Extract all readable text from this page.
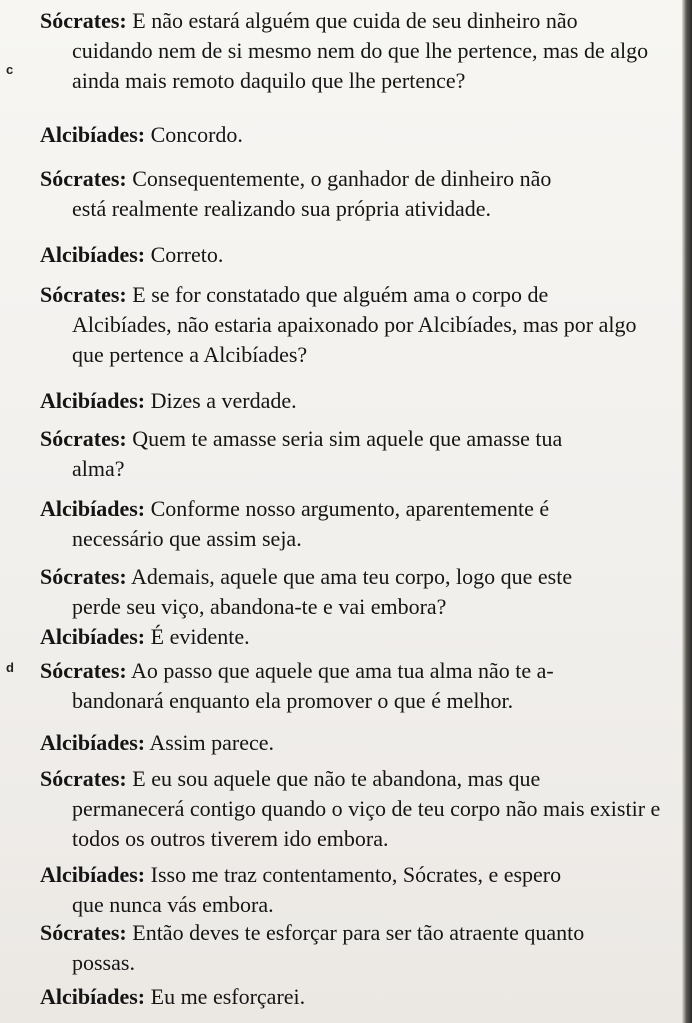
c
d
Sócrates: E não estará alguém que cuida de seu dinheiro não
cuidando nem de si mesmo nem do que lhe pertence, mas de algo ainda mais remoto daquilo que lhe pertence?
Alcibíades: Concordo.
Sócrates: Consequentemente, o ganhador de dinheiro não
está realmente realizando sua própria atividade.
Alcibíades: Correto.
Sócrates: E se for constatado que alguém ama o corpo de
Alcibíades, não estaria apaixonado por Alcibíades, mas por algo que pertence a Alcibíades?
Alcibíades: Dizes a verdade.
Sócrates: Quem te amasse seria sim aquele que amasse tua
alma?
Alcibíades: Conforme nosso argumento, aparentemente é
necessário que assim seja.
Sócrates: Ademais, aquele que ama teu corpo, logo que este
perde seu viço, abandona-te e vai embora?
Alcibíades: É evidente.
Sócrates: Ao passo que aquele que ama tua alma não te a-
bandonará enquanto ela promover o que é melhor.
Alcibíades: Assim parece.
Sócrates: E eu sou aquele que não te abandona, mas que
permanecerá contigo quando o viço de teu corpo não mais existir e todos os outros tiverem ido embora.
Alcibíades: Isso me traz contentamento, Sócrates, e espero
que nunca vás embora.
Sócrates: Então deves te esforçar para ser tão atraente quanto
possas.
Alcibíades: Eu me esforçarei.
